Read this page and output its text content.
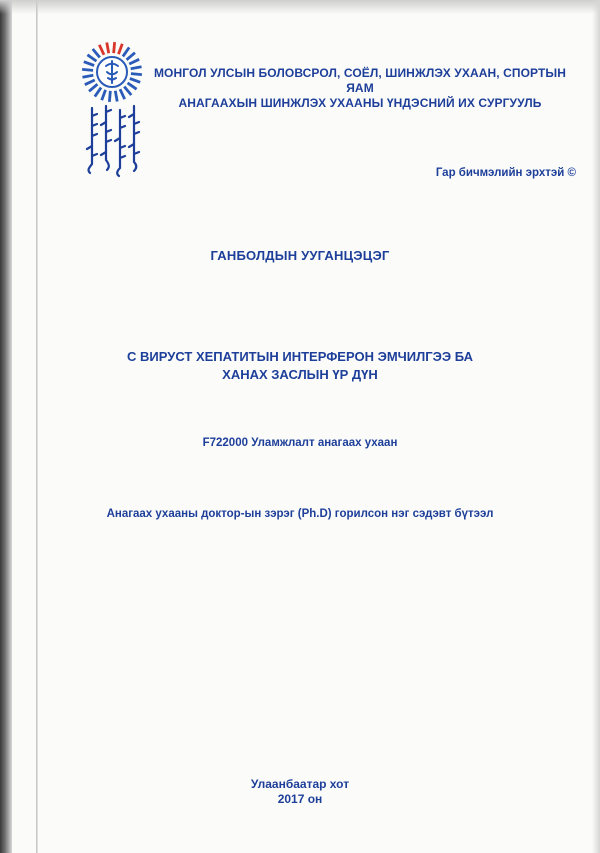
МОНГОЛ УЛСЫН БОЛОВСРОЛ, СОЁЛ, ШИНЖЛЭХ УХААН, СПОРТЫН ЯАМ
АНАГААХЫН ШИНЖЛЭХ УХААНЫ ҮНДЭСНИЙ ИХ СУРГУУЛЬ
Гар бичмэлийн эрхтэй ©
ГАНБОЛДЫН УУГАНЦЭЦЭГ
С ВИРУСТ ХЕПАТИТЫН ИНТЕРФЕРОН ЭМЧИЛГЭЭ БА
ХАНАХ ЗАСЛЫН ҮР ДҮН
F722000 Уламжлалт анагаах ухаан
Анагаах ухааны доктор-ын зэрэг (Ph.D) горилсон нэг сэдэвт бүтээл
Улаанбаатар хот
2017 он
